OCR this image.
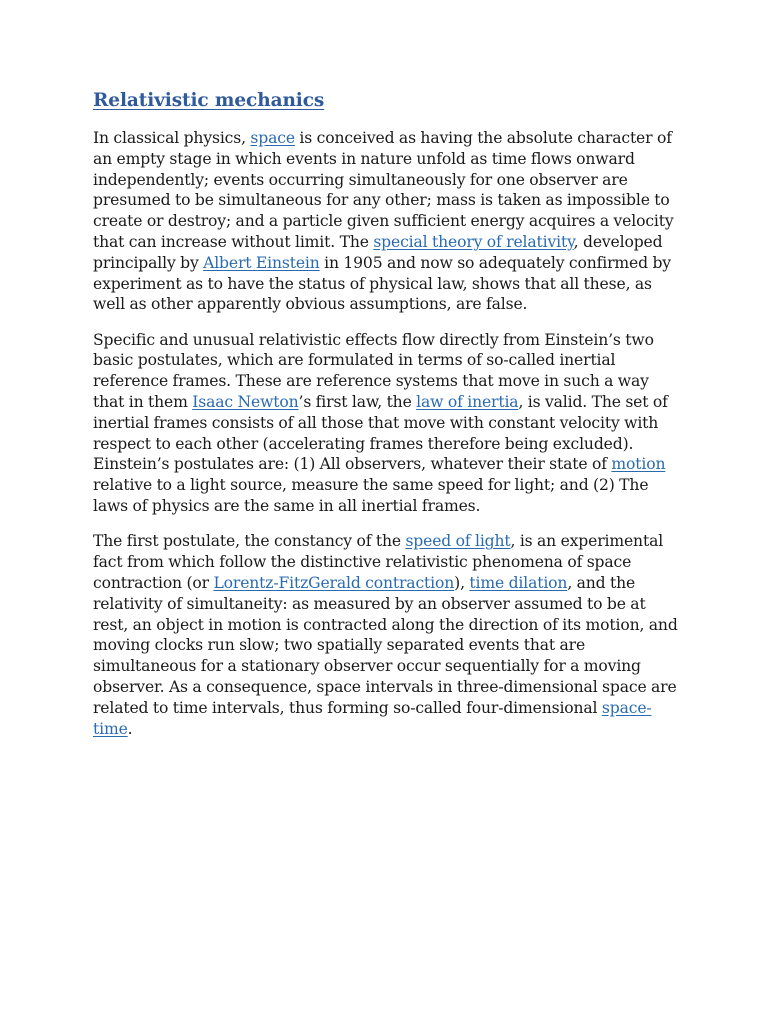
Relativistic mechanics

In classical physics, space is conceived as having the absolute character of an empty stage in which events in nature unfold as time flows onward independently; events occurring simultaneously for one observer are presumed to be simultaneous for any other; mass is taken as impossible to create or destroy; and a particle given sufficient energy acquires a velocity that can increase without limit. The special theory of relativity, developed principally by Albert Einstein in 1905 and now so adequately confirmed by experiment as to have the status of physical law, shows that all these, as well as other apparently obvious assumptions, are false.

Specific and unusual relativistic effects flow directly from Einstein’s two basic postulates, which are formulated in terms of so-called inertial reference frames. These are reference systems that move in such a way that in them Isaac Newton’s first law, the law of inertia, is valid. The set of inertial frames consists of all those that move with constant velocity with respect to each other (accelerating frames therefore being excluded). Einstein’s postulates are: (1) All observers, whatever their state of motion relative to a light source, measure the same speed for light; and (2) The laws of physics are the same in all inertial frames.

The first postulate, the constancy of the speed of light, is an experimental fact from which follow the distinctive relativistic phenomena of space contraction (or Lorentz-FitzGerald contraction), time dilation, and the relativity of simultaneity: as measured by an observer assumed to be at rest, an object in motion is contracted along the direction of its motion, and moving clocks run slow; two spatially separated events that are simultaneous for a stationary observer occur sequentially for a moving observer. As a consequence, space intervals in three-dimensional space are related to time intervals, thus forming so-called four-dimensional space-time.
